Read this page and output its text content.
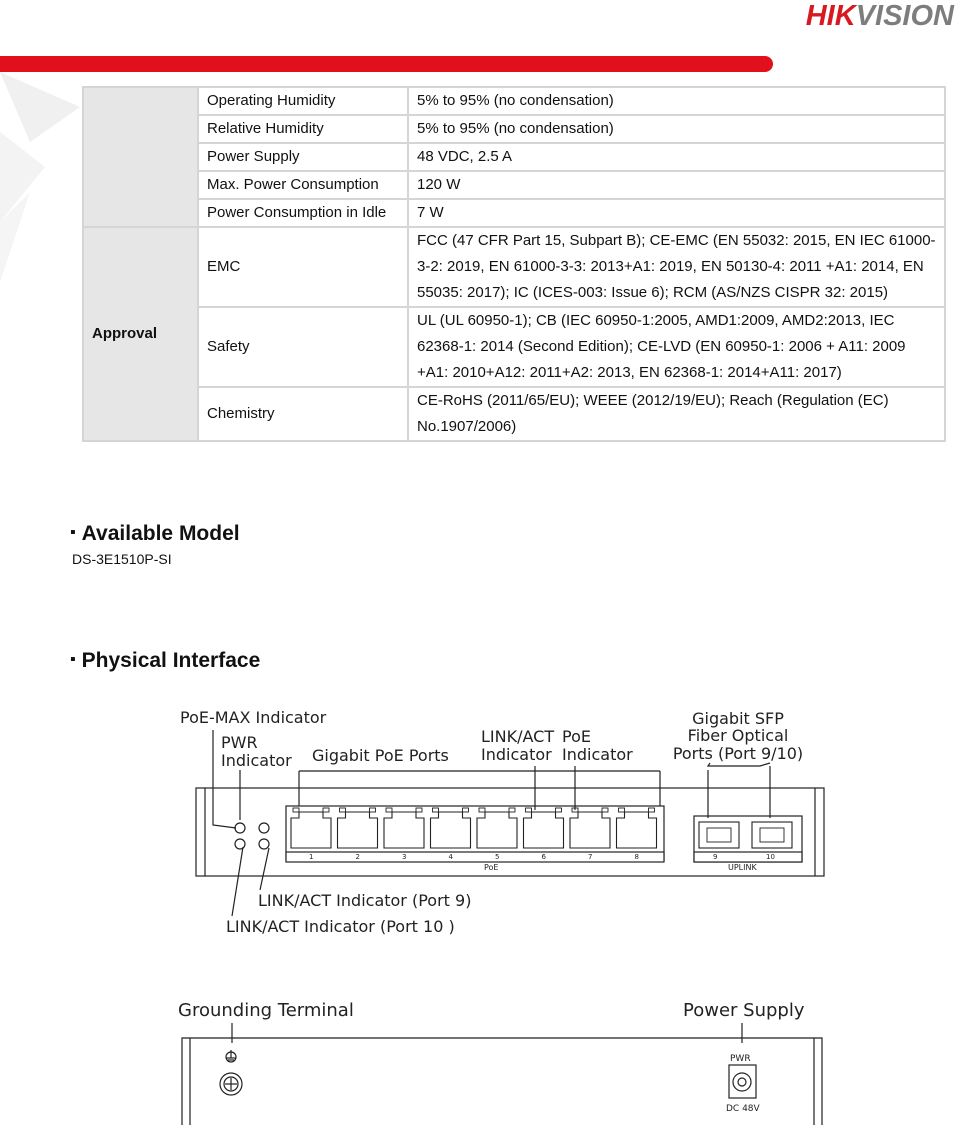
HIKVISION
	Operating Humidity	5% to 95% (no condensation)
	Relative Humidity	5% to 95% (no condensation)
	Power Supply	48 VDC, 2.5 A
	Max. Power Consumption	120 W
	Power Consumption in Idle	7 W
Approval	EMC	FCC (47 CFR Part 15, Subpart B); CE-EMC (EN 55032: 2015, EN IEC 61000-3-2: 2019, EN 61000-3-3: 2013+A1: 2019, EN 50130-4: 2011 +A1: 2014, EN 55035: 2017); IC (ICES-003: Issue 6); RCM (AS/NZS CISPR 32: 2015)
	Safety	UL (UL 60950-1); CB (IEC 60950-1:2005, AMD1:2009, AMD2:2013, IEC 62368-1: 2014 (Second Edition); CE-LVD (EN 60950-1: 2006 + A11: 2009 +A1: 2010+A12: 2011+A2: 2013, EN 62368-1: 2014+A11: 2017)
	Chemistry	CE-RoHS (2011/65/EU); WEEE (2012/19/EU); Reach (Regulation (EC) No.1907/2006)
▪ Available Model
DS-3E1510P-SI
▪ Physical Interface
PoE-MAX Indicator
PWR
Indicator Gigabit PoE Ports
LINK/ACT
Indicator
PoE
Indicator
Gigabit SFP
Fiber Optical
Ports (Port 9/10)
LINK/ACT Indicator (Port 9)
LINK/ACT Indicator (Port 10 )
1	2	3	4	5	6	7	8	9	10
PoE	UPLINK
Grounding Terminal	Power Supply
PWR
DC 48V
